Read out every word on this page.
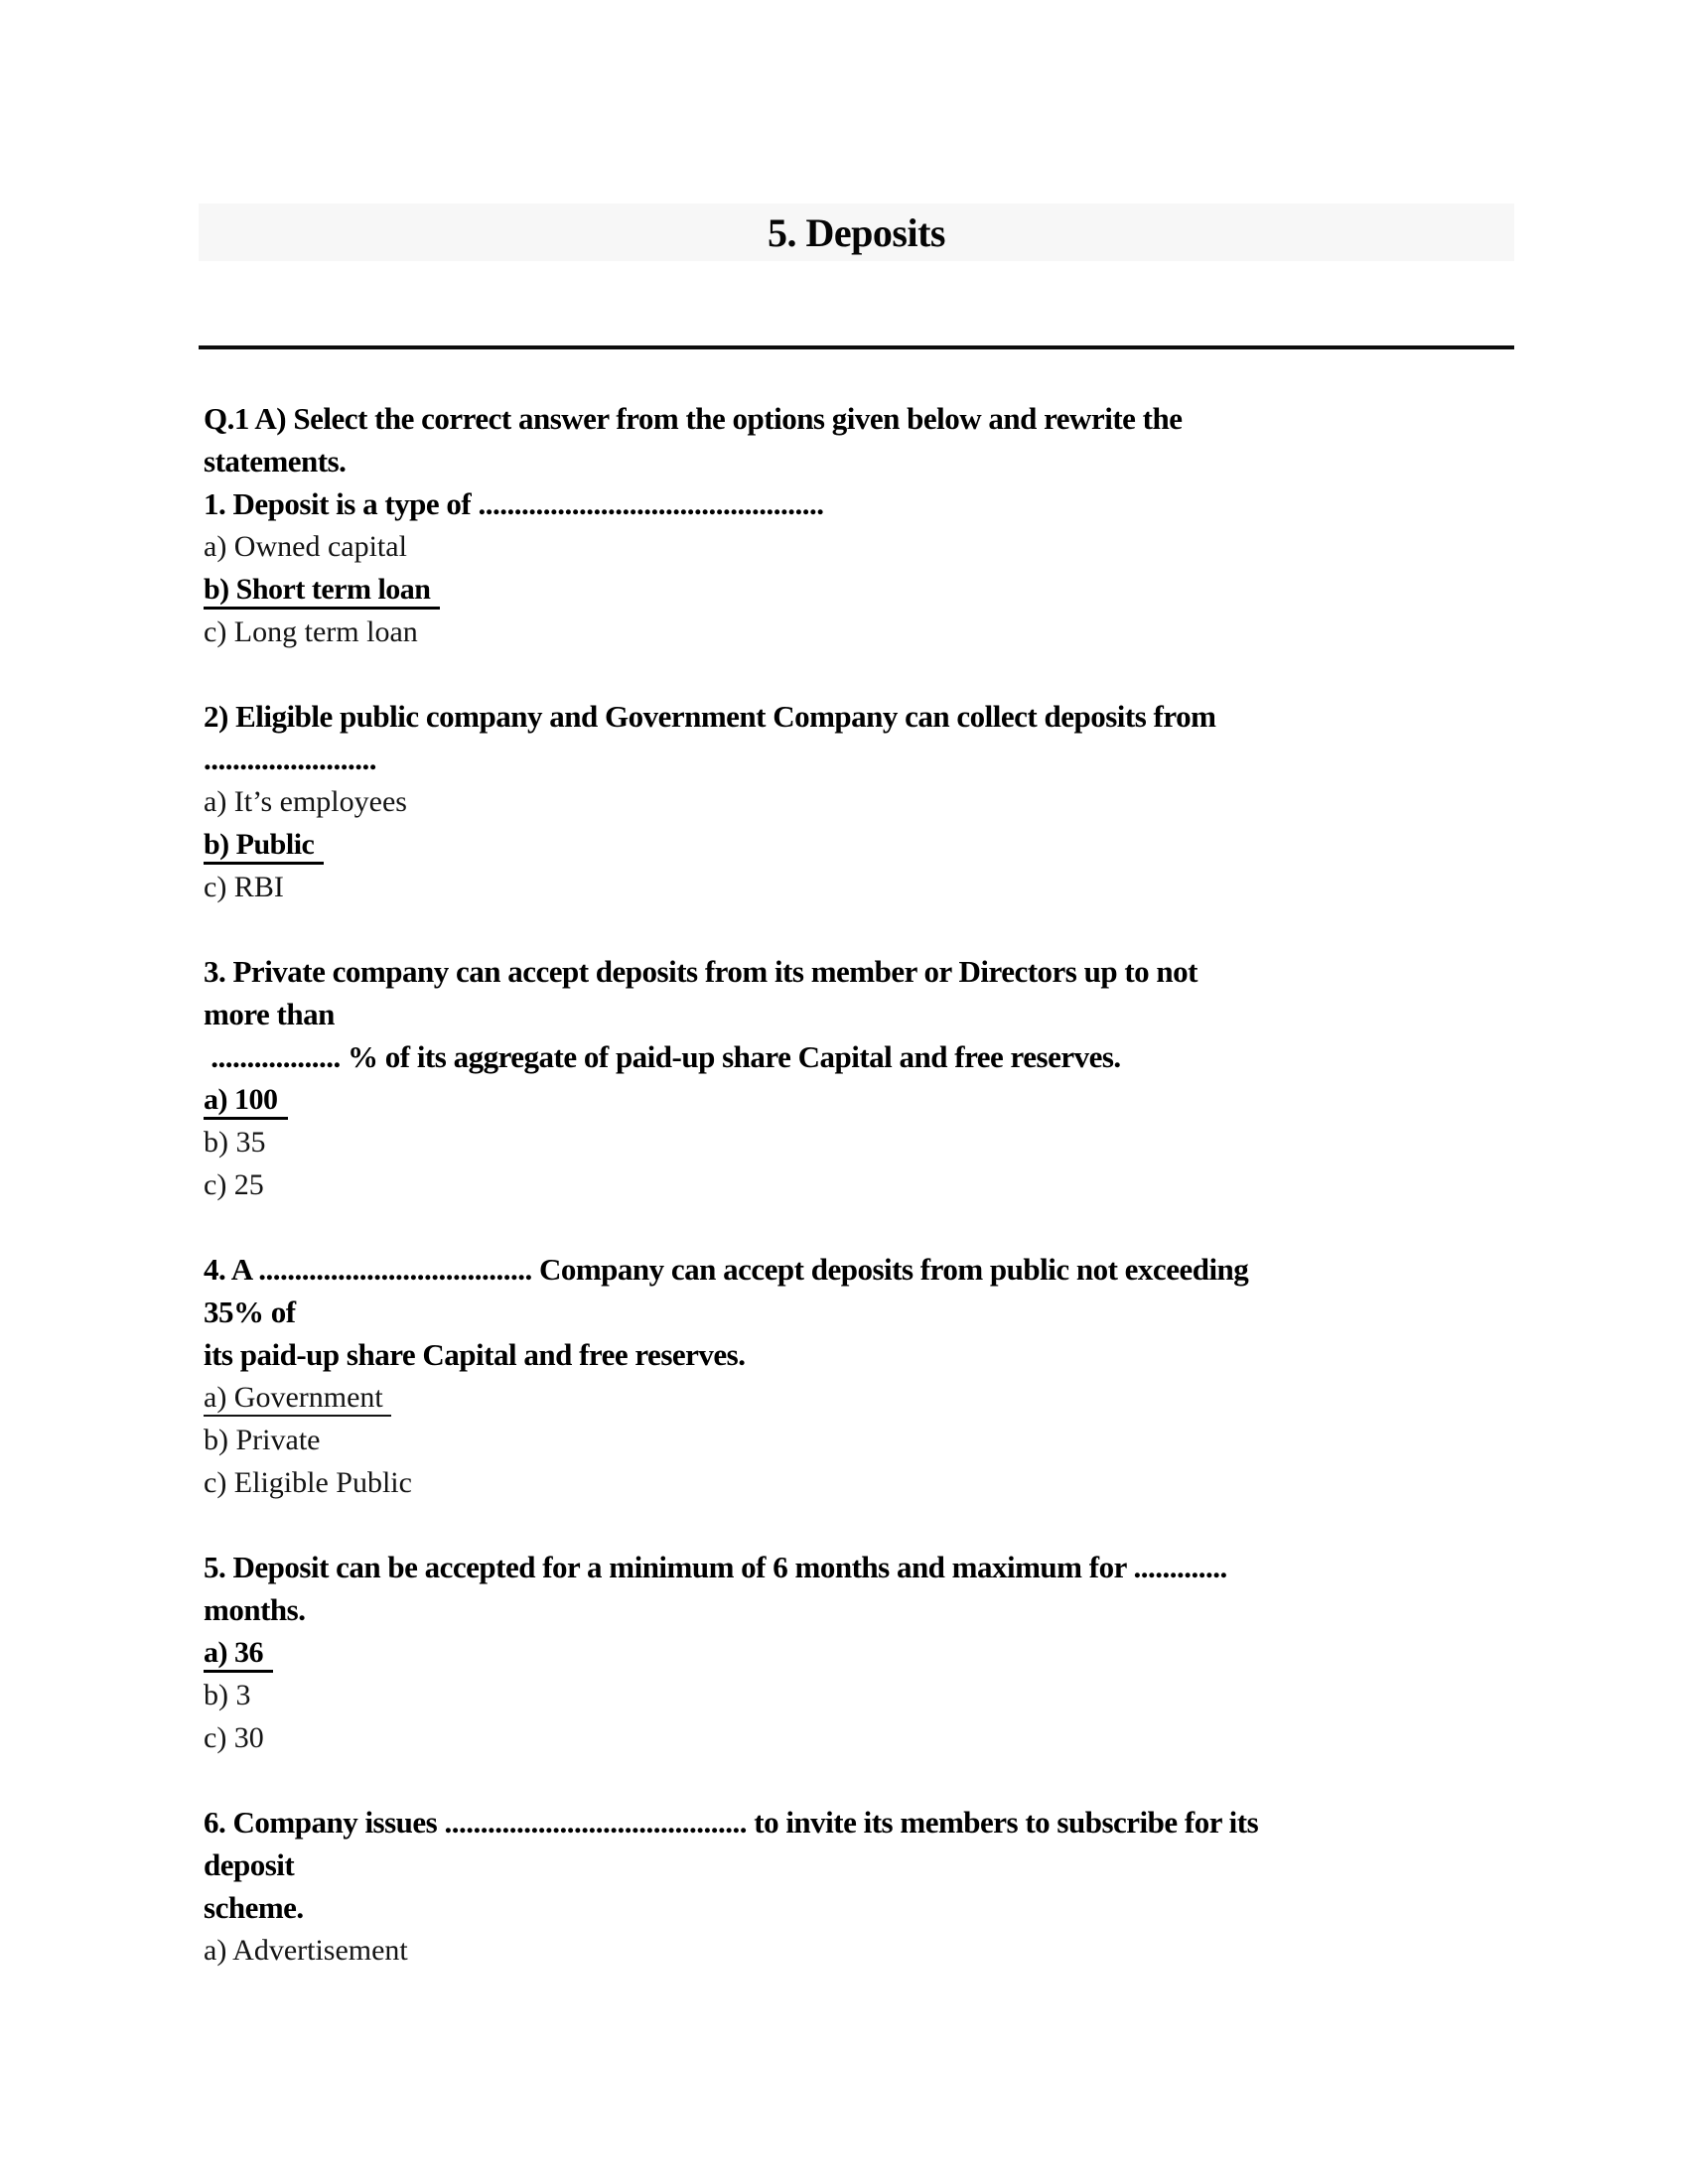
5. Deposits
Q.1 A) Select the correct answer from the options given below and rewrite the
statements.
1. Deposit is a type of ................................................
a) Owned capital
b) Short term loan
c) Long term loan
2) Eligible public company and Government Company can collect deposits from
........................
a) It’s employees
b) Public
c) RBI
3. Private company can accept deposits from its member or Directors up to not
more than
.................. % of its aggregate of paid-up share Capital and free reserves.
a) 100
b) 35
c) 25
4. A ...................................... Company can accept deposits from public not exceeding
35% of
its paid-up share Capital and free reserves.
a) Government
b) Private
c) Eligible Public
5. Deposit can be accepted for a minimum of 6 months and maximum for .............
months.
a) 36
b) 3
c) 30
6. Company issues .......................................... to invite its members to subscribe for its
deposit
scheme.
a) Advertisement
